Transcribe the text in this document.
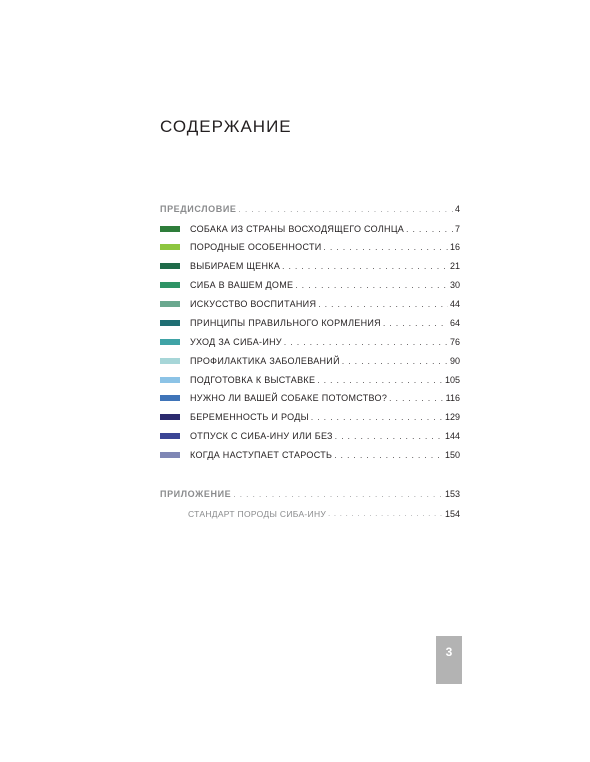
СОДЕРЖАНИЕ
ПРЕДИСЛОВИЕ . . .	4
СОБАКА ИЗ СТРАНЫ ВОСХОДЯЩЕГО СОЛНЦА . . .	7
ПОРОДНЫЕ ОСОБЕННОСТИ . . .	16
ВЫБИРАЕМ ЩЕНКА . . .	21
СИБА В ВАШЕМ ДОМЕ . . .	30
ИСКУССТВО ВОСПИТАНИЯ . . .	44
ПРИНЦИПЫ ПРАВИЛЬНОГО КОРМЛЕНИЯ . . .	64
УХОД ЗА СИБА-ИНУ . . .	76
ПРОФИЛАКТИКА ЗАБОЛЕВАНИЙ . . .	90
ПОДГОТОВКА К ВЫСТАВКЕ . . .	105
НУЖНО ЛИ ВАШЕЙ СОБАКЕ ПОТОМСТВО? . . .	116
БЕРЕМЕННОСТЬ И РОДЫ . . .	129
ОТПУСК С СИБА-ИНУ ИЛИ БЕЗ . . .	144
КОГДА НАСТУПАЕТ СТАРОСТЬ . . .	150
ПРИЛОЖЕНИЕ . . .	153
СТАНДАРТ ПОРОДЫ СИБА-ИНУ . . .	154
3
